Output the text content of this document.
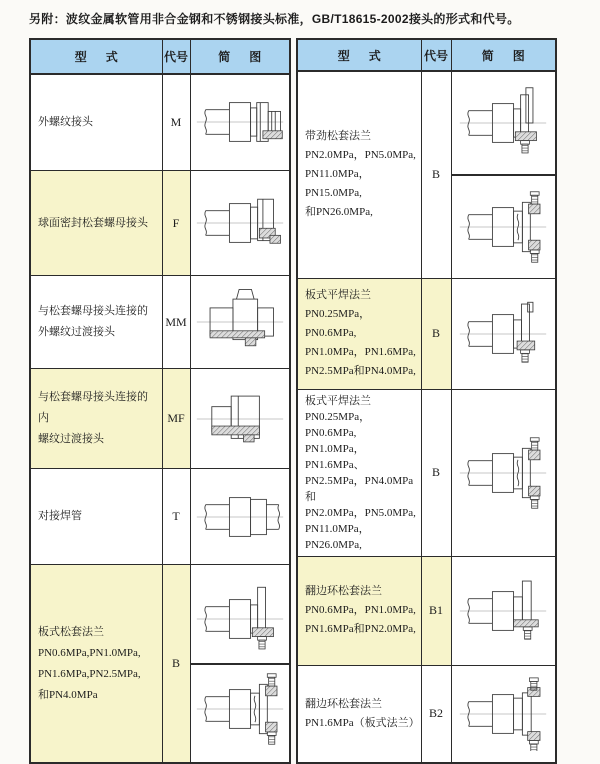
另附：波纹金属软管用非合金钢和不锈钢接头标准，GB/T18615-2002接头的形式和代号。
型 式	代号	简 图
外螺纹接头	M	

球面密封松套螺母接头	F	

与松套螺母接头连接的
外螺纹过渡接头	MM	

与松套螺母接头连接的内
螺纹过渡接头	MF	

对接焊管	T	

板式松套法兰
PN0.6MPa,PN1.0MPa,
PN1.6MPa,PN2.5MPa,
和PN4.0MPa	B	
型 式	代号	简 图
带劲松套法兰
PN2.0MPa，PN5.0MPa,
PN11.0MPa，PN15.0MPa,
和PN26.0MPa,	B	

板式平焊法兰
PN0.25MPa，PN0.6MPa,
PN1.0MPa，PN1.6MPa,
PN2.5MPa和PN4.0MPa,	B	

板式平焊法兰
PN0.25MPa，PN0.6MPa,
PN1.0MPa，PN1.6MPa、
PN2.5MPa，PN4.0MPa和
PN2.0MPa，PN5.0MPa,
PN11.0MPa，PN26.0MPa,	B	

翻边环松套法兰
PN0.6MPa，PN1.0MPa,
PN1.6MPa和PN2.0MPa,	B1	

翻边环松套法兰
PN1.6MPa（板式法兰）	B2	
